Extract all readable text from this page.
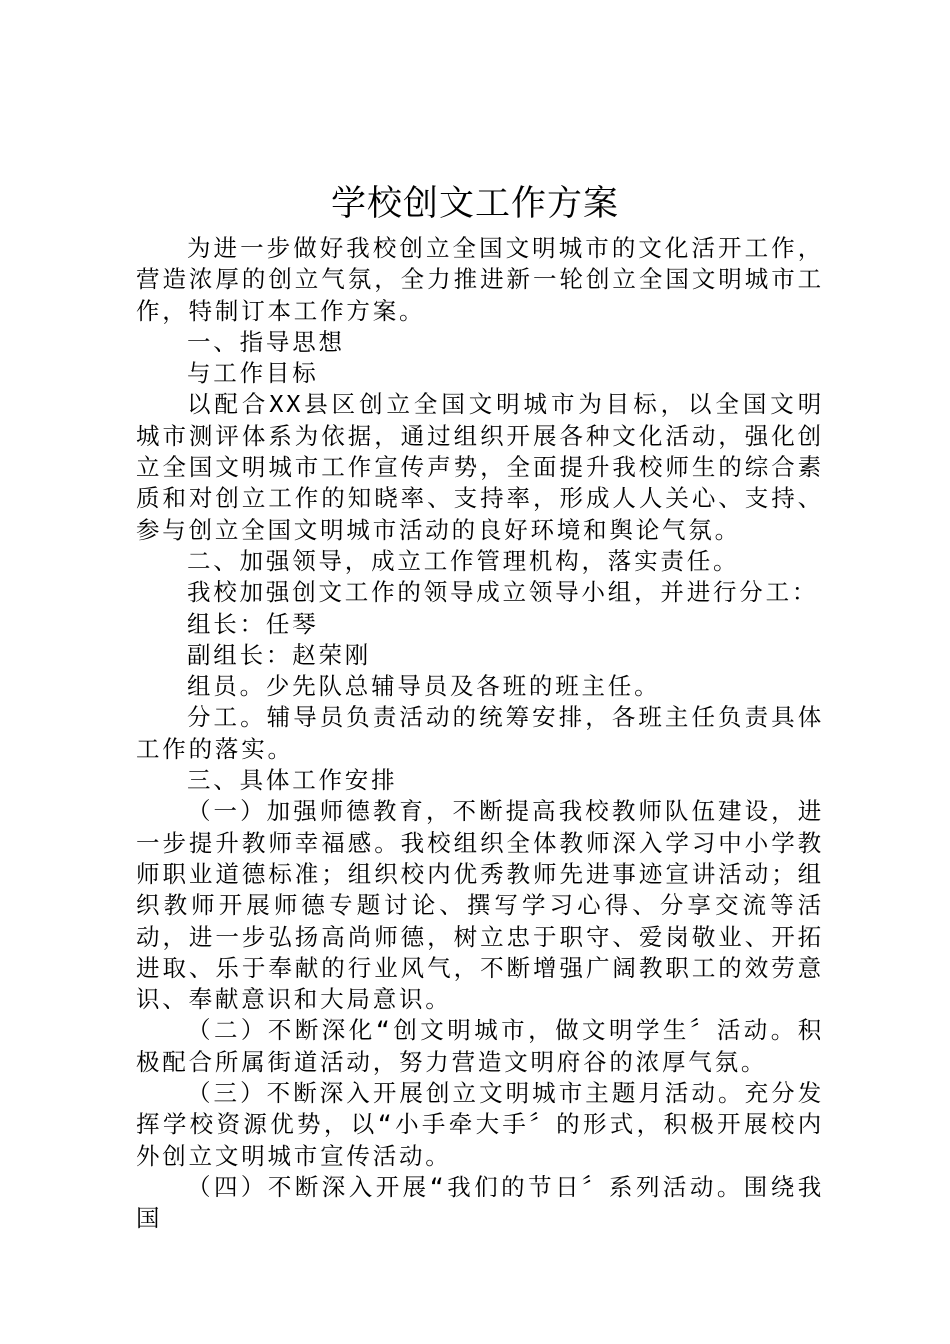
学校创文工作方案

为进一步做好我校创立全国文明城市的文化活开工作，营造浓厚的创立气氛，全力推进新一轮创立全国文明城市工作，特制订本工作方案。

一、指导思想

与工作目标

以配合XX县区创立全国文明城市为目标，以全国文明城市测评体系为依据，通过组织开展各种文化活动，强化创立全国文明城市工作宣传声势，全面提升我校师生的综合素质和对创立工作的知晓率、支持率，形成人人关心、支持、参与创立全国文明城市活动的良好环境和舆论气氛。

二、加强领导，成立工作管理机构，落实责任。

我校加强创文工作的领导成立领导小组，并进行分工：

组长：任琴

副组长：赵荣刚

组员。少先队总辅导员及各班的班主任。

分工。辅导员负责活动的统筹安排，各班主任负责具体工作的落实。

三、具体工作安排

（一）加强师德教育，不断提高我校教师队伍建设，进一步提升教师幸福感。我校组织全体教师深入学习中小学教师职业道德标准；组织校内优秀教师先进事迹宣讲活动；组织教师开展师德专题讨论、撰写学习心得、分享交流等活动，进一步弘扬高尚师德，树立忠于职守、爱岗敬业、开拓进取、乐于奉献的行业风气，不断增强广阔教职工的效劳意识、奉献意识和大局意识。

（二）不断深化“创文明城市，做文明学生〞活动。积极配合所属街道活动，努力营造文明府谷的浓厚气氛。

（三）不断深入开展创立文明城市主题月活动。充分发挥学校资源优势，以“小手牵大手〞的形式，积极开展校内外创立文明城市宣传活动。

（四）不断深入开展“我们的节日〞系列活动。围绕我国
